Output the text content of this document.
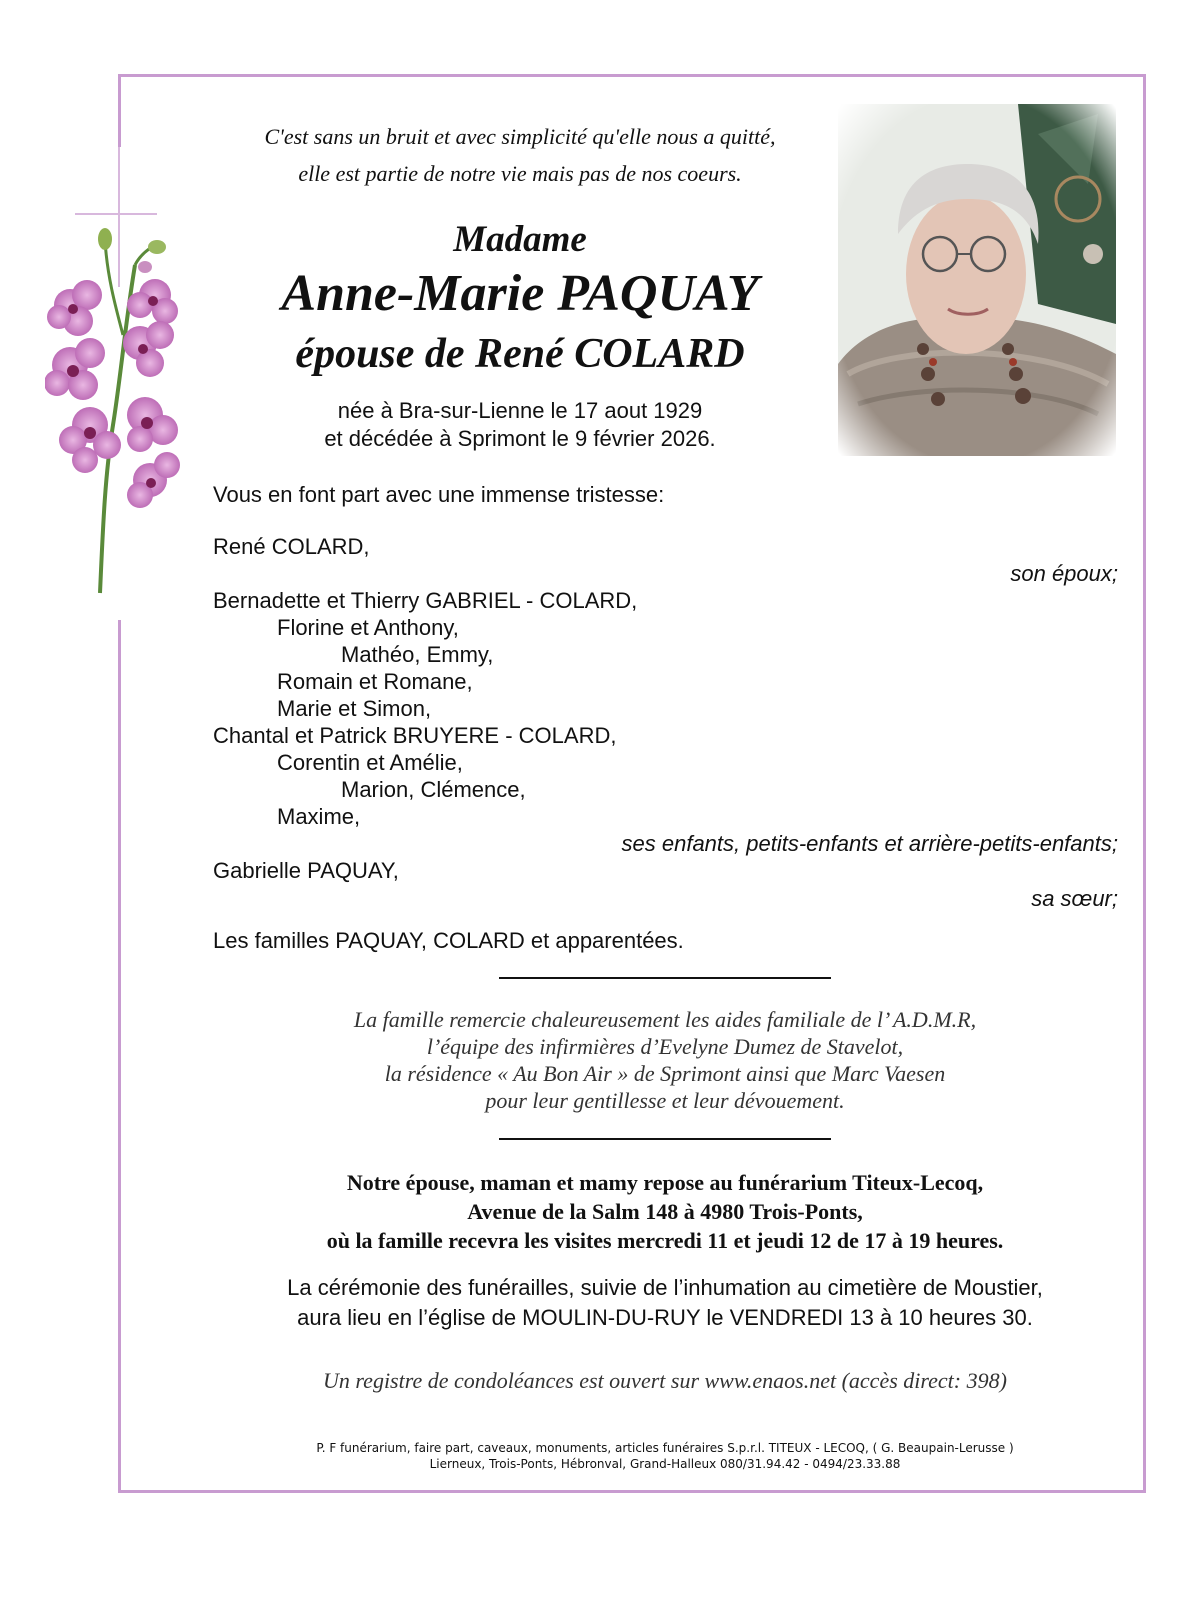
C'est sans un bruit et avec simplicité qu'elle nous a quitté,
elle est partie de notre vie mais pas de nos coeurs.
Madame
Anne-Marie PAQUAY
épouse de René COLARD
née à Bra-sur-Lienne le 17 aout 1929
et décédée à Sprimont le 9 février 2026.
Vous en font part avec une immense tristesse:
René COLARD,
son époux;
Bernadette et Thierry GABRIEL - COLARD,
Florine et Anthony,
Mathéo, Emmy,
Romain et Romane,
Marie et Simon,
Chantal et Patrick BRUYERE - COLARD,
Corentin et Amélie,
Marion, Clémence,
Maxime,
ses enfants, petits-enfants et arrière-petits-enfants;
Gabrielle PAQUAY,
sa sœur;
Les familles PAQUAY, COLARD et apparentées.
La famille remercie chaleureusement les aides familiale de l’ A.D.M.R,
l’équipe des infirmières d’Evelyne Dumez de Stavelot,
la résidence « Au Bon Air » de Sprimont ainsi que Marc Vaesen
pour leur gentillesse et leur dévouement.
Notre épouse, maman et mamy repose au funérarium Titeux-Lecoq,
Avenue de la Salm 148 à 4980 Trois-Ponts,
où la famille recevra les visites mercredi 11 et jeudi 12 de 17 à 19 heures.
La cérémonie des funérailles, suivie de l’inhumation au cimetière de Moustier,
aura lieu en l’église de MOULIN-DU-RUY le VENDREDI 13 à 10 heures 30.
Un registre de condoléances est ouvert sur www.enaos.net (accès direct: 398)
P. F funérarium, faire part, caveaux, monuments, articles funéraires S.p.r.l. TITEUX - LECOQ, ( G. Beaupain-Lerusse )
Lierneux, Trois-Ponts, Hébronval, Grand-Halleux 080/31.94.42 - 0494/23.33.88
